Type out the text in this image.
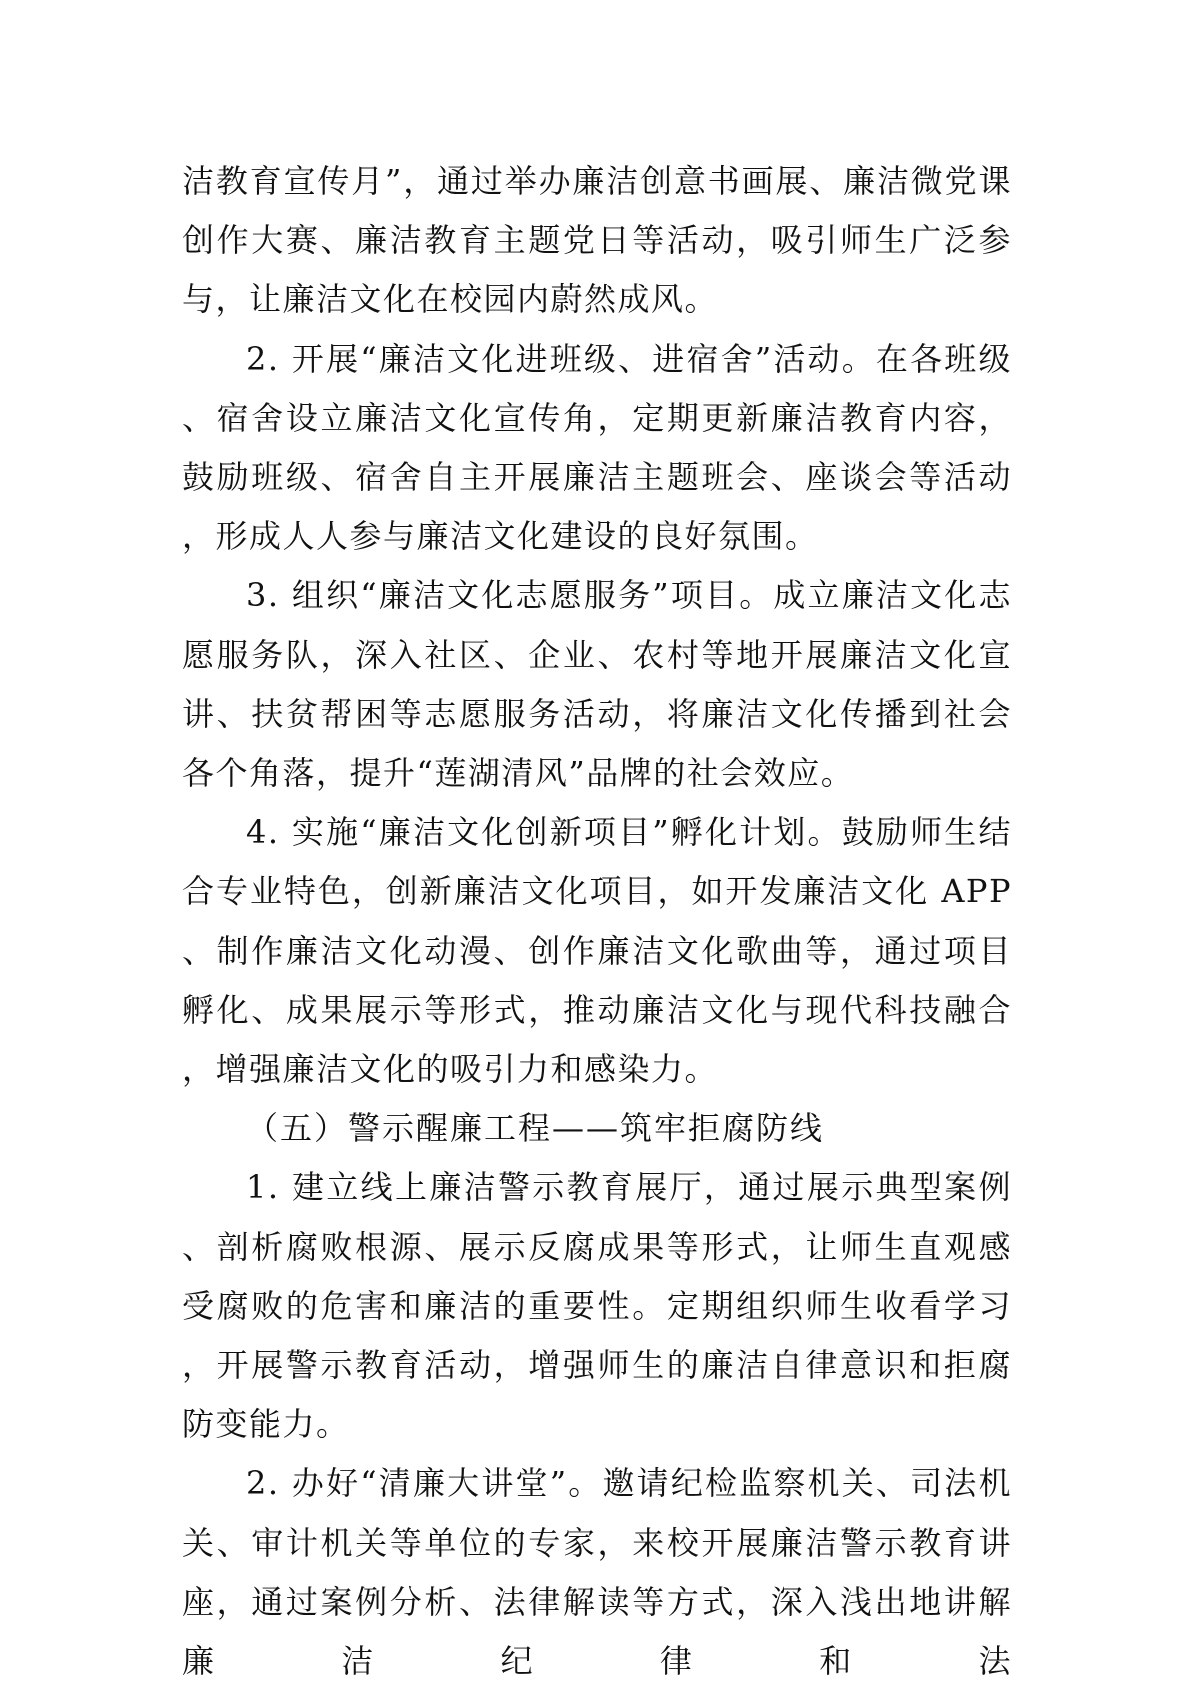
洁教育宣传月”，通过举办廉洁创意书画展、廉洁微党课创作大赛、廉洁教育主题党日等活动，吸引师生广泛参与，让廉洁文化在校园内蔚然成风。

2. 开展“廉洁文化进班级、进宿舍”活动。在各班级、宿舍设立廉洁文化宣传角，定期更新廉洁教育内容，鼓励班级、宿舍自主开展廉洁主题班会、座谈会等活动，形成人人参与廉洁文化建设的良好氛围。

3. 组织“廉洁文化志愿服务”项目。成立廉洁文化志愿服务队，深入社区、企业、农村等地开展廉洁文化宣讲、扶贫帮困等志愿服务活动，将廉洁文化传播到社会各个角落，提升“莲湖清风”品牌的社会效应。

4. 实施“廉洁文化创新项目”孵化计划。鼓励师生结合专业特色，创新廉洁文化项目，如开发廉洁文化 APP、制作廉洁文化动漫、创作廉洁文化歌曲等，通过项目孵化、成果展示等形式，推动廉洁文化与现代科技融合，增强廉洁文化的吸引力和感染力。

（五）警示醒廉工程——筑牢拒腐防线

1. 建立线上廉洁警示教育展厅，通过展示典型案例、剖析腐败根源、展示反腐成果等形式，让师生直观感受腐败的危害和廉洁的重要性。定期组织师生收看学习，开展警示教育活动，增强师生的廉洁自律意识和拒腐防变能力。

2. 办好“清廉大讲堂”。邀请纪检监察机关、司法机关、审计机关等单位的专家，来校开展廉洁警示教育讲座，通过案例分析、法律解读等方式，深入浅出地讲解廉洁纪律和法
